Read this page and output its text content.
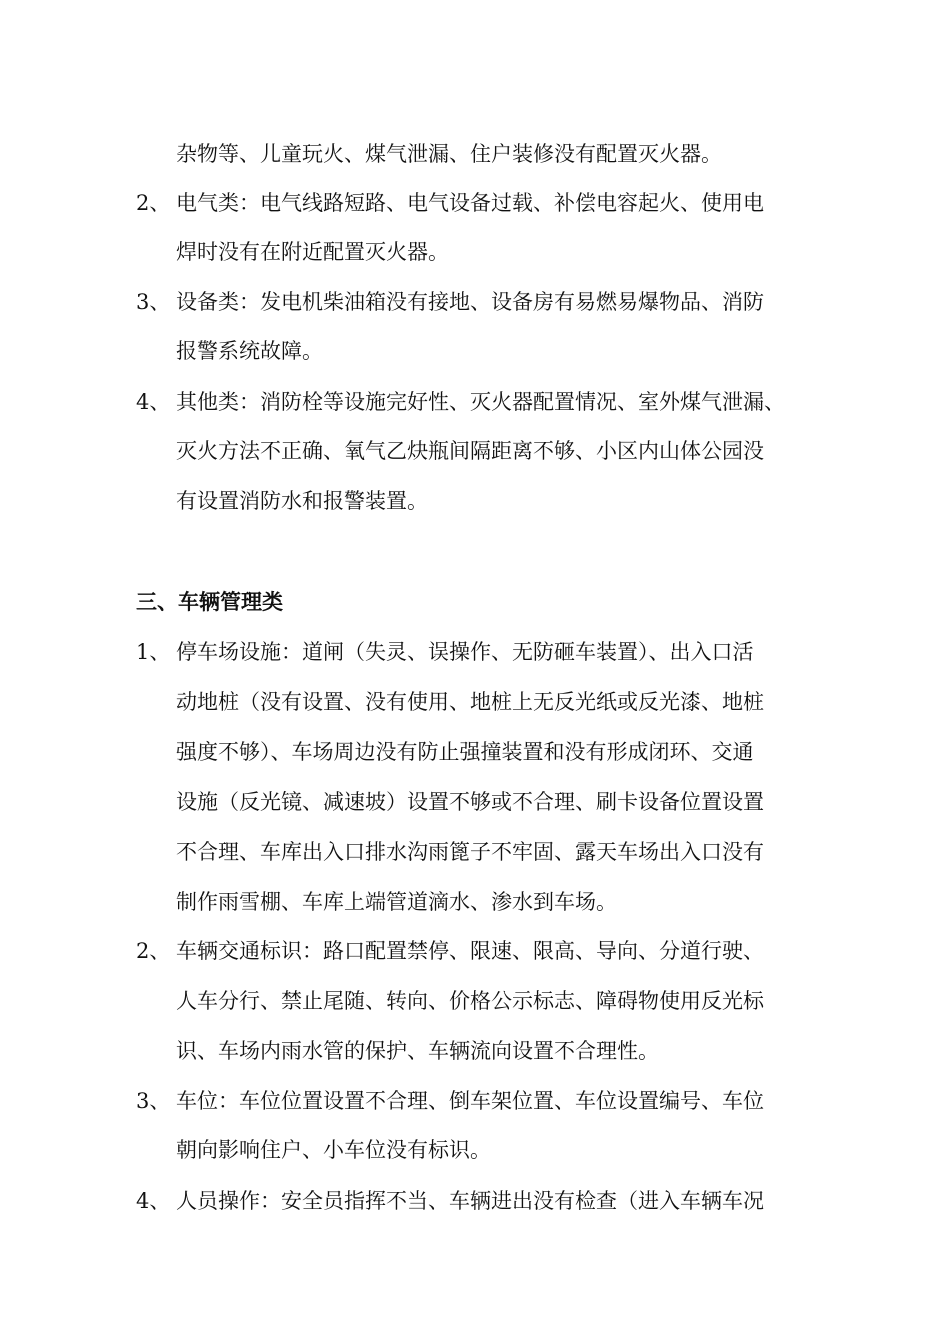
杂物等、儿童玩火、煤气泄漏、住户装修没有配置灭火器。
2、 电气类：电气线路短路、电气设备过载、补偿电容起火、使用电
焊时没有在附近配置灭火器。
3、 设备类：发电机柴油箱没有接地、设备房有易燃易爆物品、消防
报警系统故障。
4、 其他类：消防栓等设施完好性、灭火器配置情况、室外煤气泄漏、
灭火方法不正确、氧气乙炔瓶间隔距离不够、小区内山体公园没
有设置消防水和报警装置。
三、车辆管理类
1、 停车场设施：道闸（失灵、误操作、无防砸车装置）、出入口活
动地桩（没有设置、没有使用、地桩上无反光纸或反光漆、地桩
强度不够）、车场周边没有防止强撞装置和没有形成闭环、交通
设施（反光镜、减速坡）设置不够或不合理、刷卡设备位置设置
不合理、车库出入口排水沟雨篦子不牢固、露天车场出入口没有
制作雨雪棚、车库上端管道滴水、渗水到车场。
2、 车辆交通标识：路口配置禁停、限速、限高、导向、分道行驶、
人车分行、禁止尾随、转向、价格公示标志、障碍物使用反光标
识、车场内雨水管的保护、车辆流向设置不合理性。
3、 车位：车位位置设置不合理、倒车架位置、车位设置编号、车位
朝向影响住户、小车位没有标识。
4、 人员操作：安全员指挥不当、车辆进出没有检查（进入车辆车况
